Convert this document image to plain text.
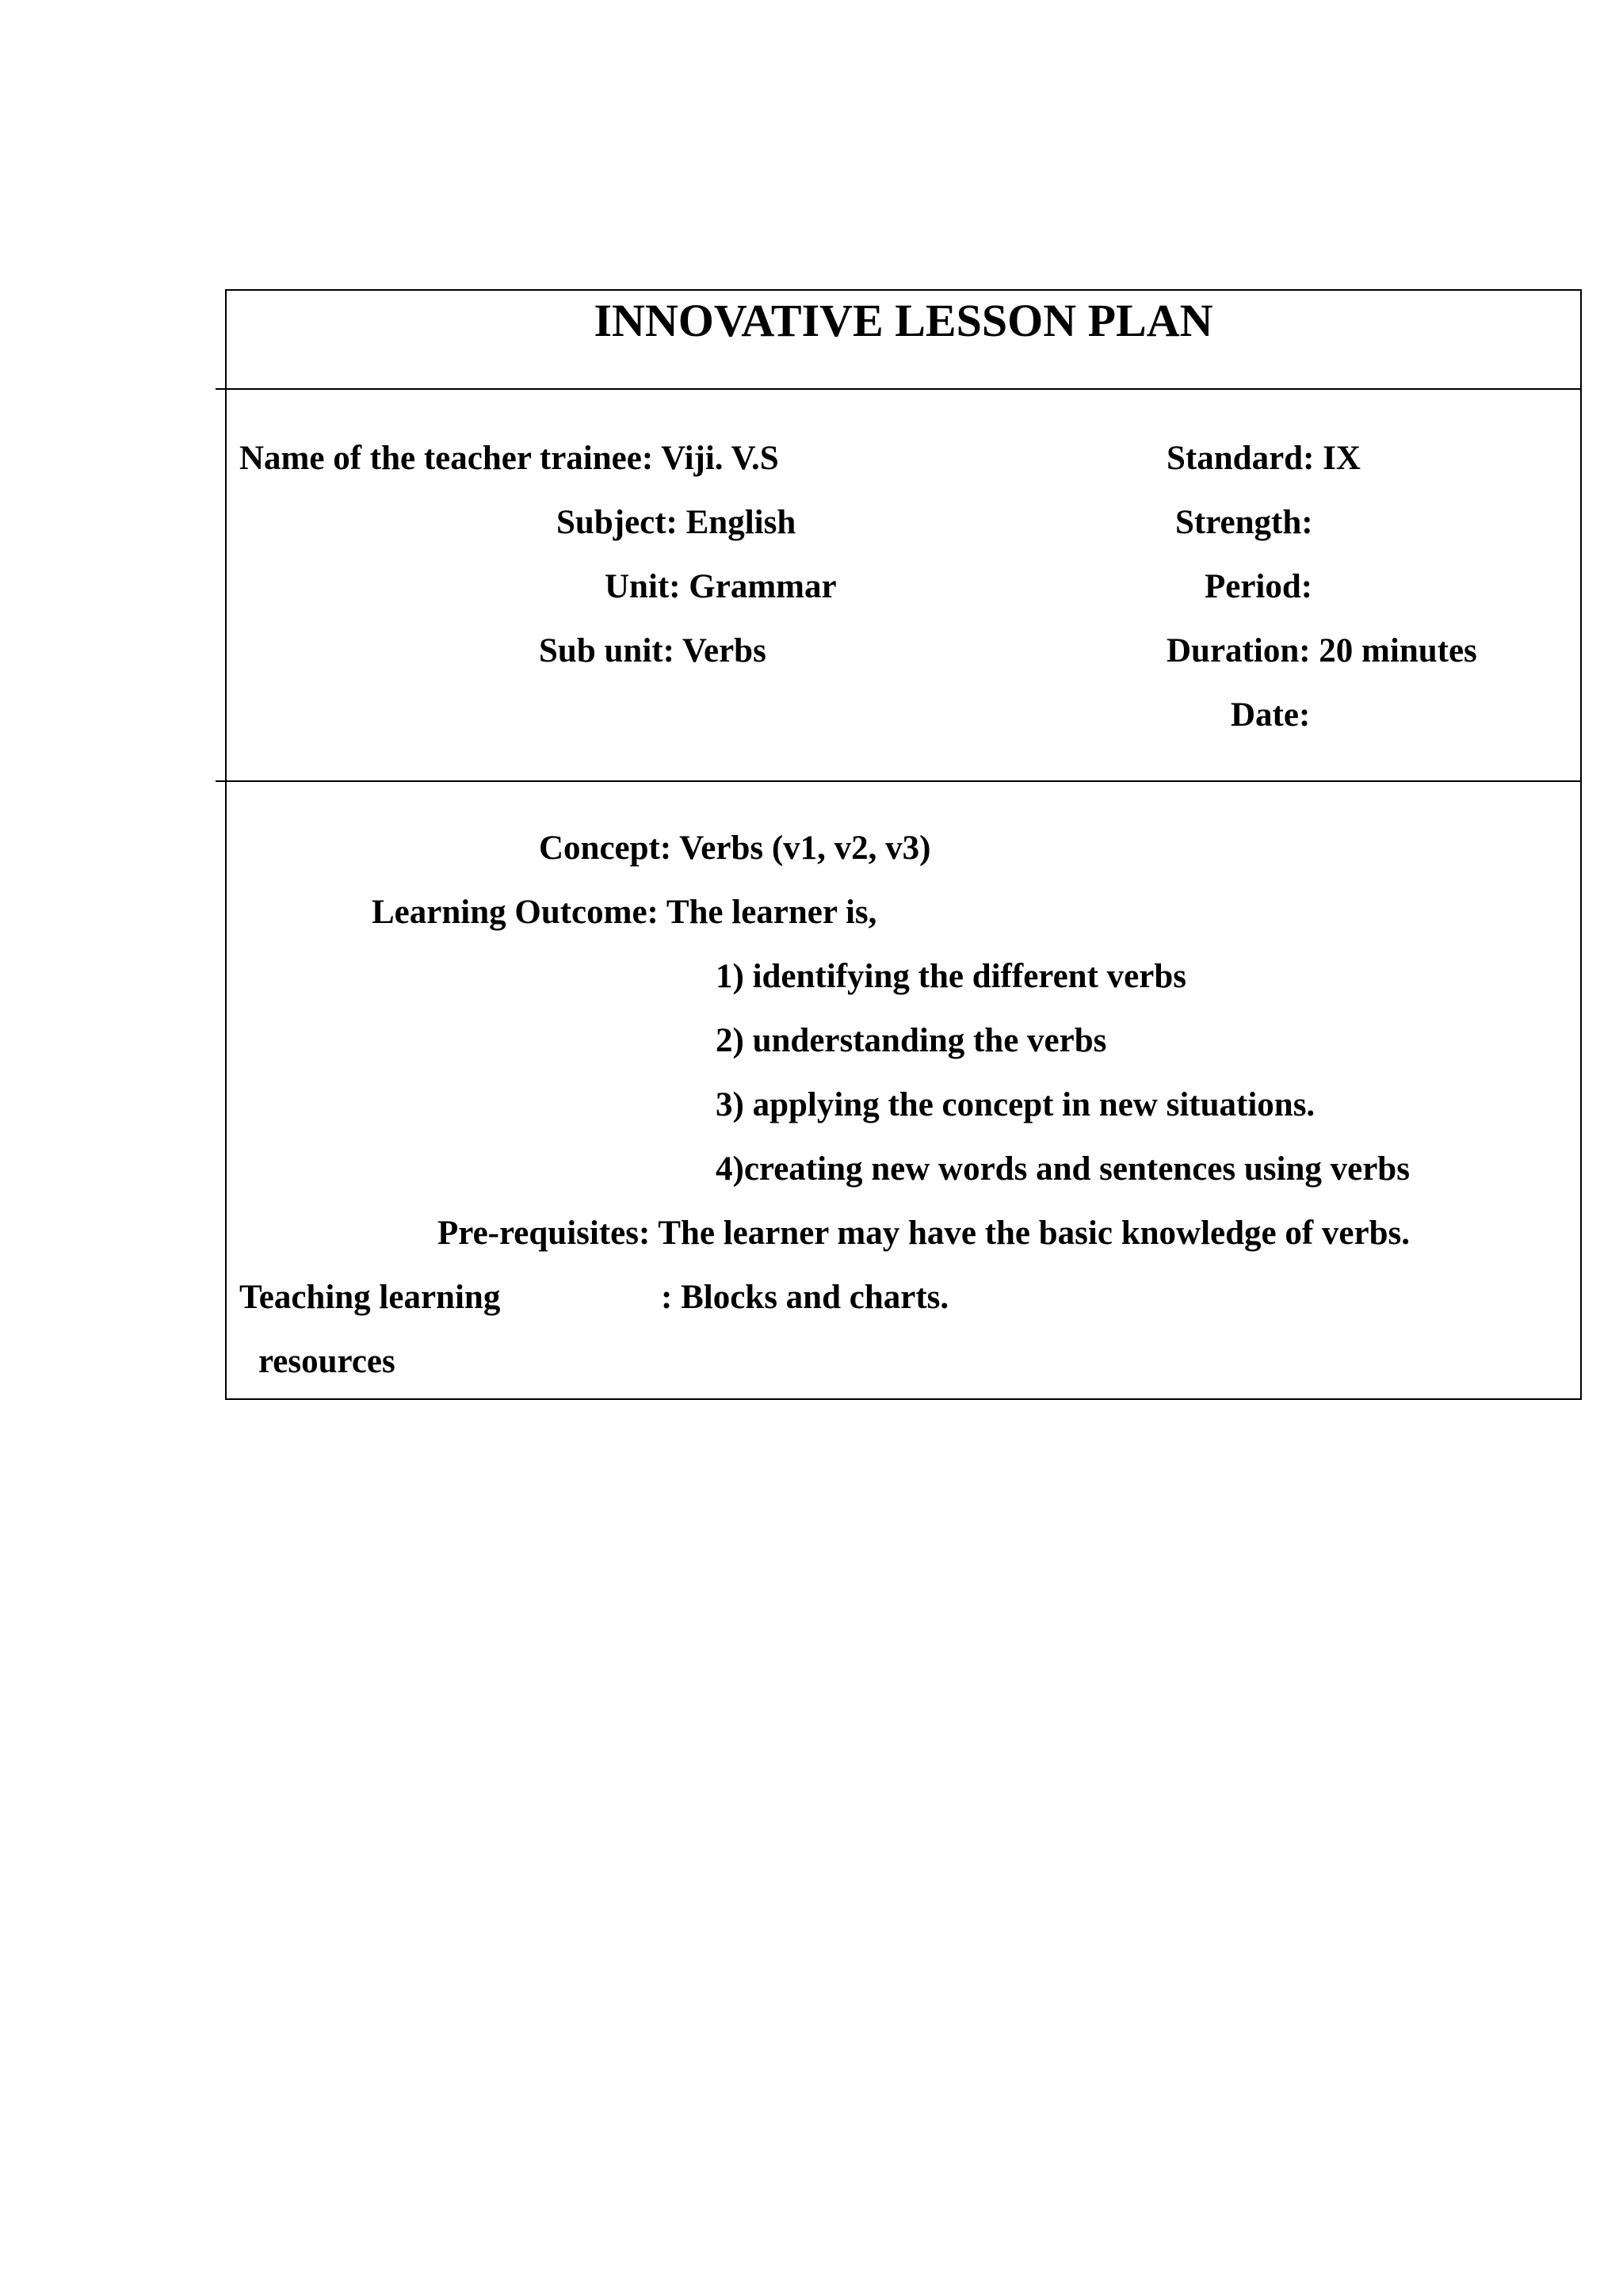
INNOVATIVE LESSON PLAN
Name of the teacher trainee: Viji. V.S
Subject: English
Unit: Grammar
Sub unit: Verbs
Standard: IX
Strength:
Period:
Duration: 20 minutes
Date:
Concept: Verbs (v1, v2, v3)
Learning Outcome: The learner is,
1) identifying the different verbs
2) understanding the verbs
3) applying the concept in new situations.
4)creating new words and sentences using verbs
Pre-requisites: The learner may have the basic knowledge of verbs.
Teaching learning	: Blocks and charts.
resources
